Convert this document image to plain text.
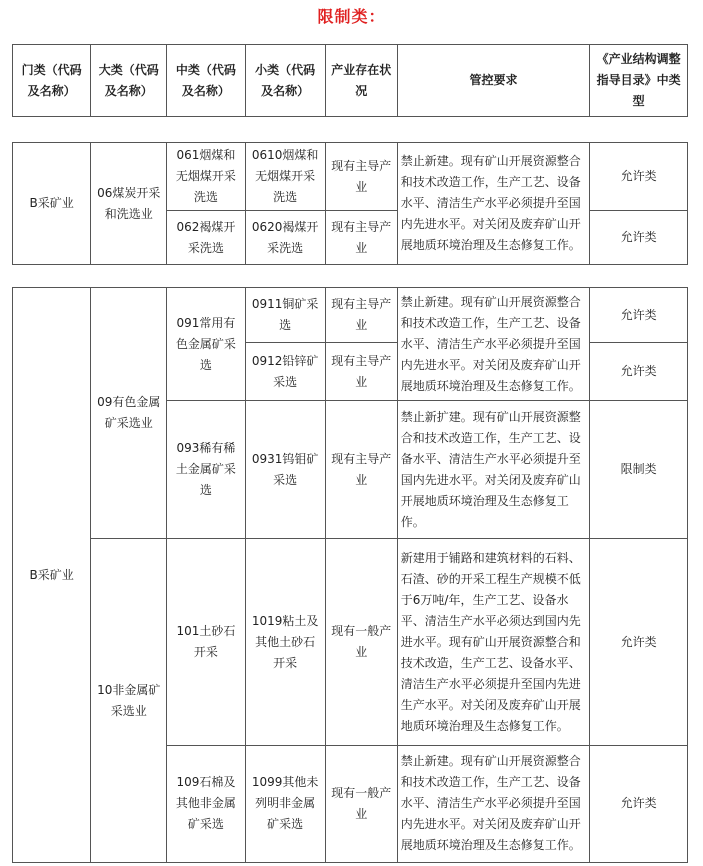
限制类：
门类（代码及名称）	大类（代码及名称）	中类（代码及名称）	小类（代码及名称）	产业存在状况	管控要求	《产业结构调整指导目录》中类型
B采矿业	06煤炭开采和洗选业	061烟煤和无烟煤开采洗选	0610烟煤和无烟煤开采洗选	现有主导产业	禁止新建。现有矿山开展资源整合和技术改造工作，生产工艺、设备水平、清洁生产水平必须提升至国内先进水平。对关闭及废弃矿山开展地质环境治理及生态修复工作。	允许类
		062褐煤开采洗选	0620褐煤开采洗选	现有主导产业		允许类
B采矿业	09有色金属矿采选业	091常用有色金属矿采选	0911铜矿采选	现有主导产业	禁止新建。现有矿山开展资源整合和技术改造工作，生产工艺、设备水平、清洁生产水平必须提升至国内先进水平。对关闭及废弃矿山开展地质环境治理及生态修复工作。	允许类
			0912铅锌矿采选	现有主导产业		允许类
		093稀有稀土金属矿采选	0931钨钼矿采选	现有主导产业	禁止新扩建。现有矿山开展资源整合和技术改造工作，生产工艺、设备水平、清洁生产水平必须提升至国内先进水平。对关闭及废弃矿山开展地质环境治理及生态修复工作。	限制类
	10非金属矿采选业	101土砂石开采	1019粘土及其他土砂石开采	现有一般产业	新建用于铺路和建筑材料的石料、石渣、砂的开采工程生产规模不低于6万吨/年，生产工艺、设备水平、清洁生产水平必须达到国内先进水平。现有矿山开展资源整合和技术改造，生产工艺、设备水平、清洁生产水平必须提升至国内先进生产水平。对关闭及废弃矿山开展地质环境治理及生态修复工作。	允许类
		109石棉及其他非金属矿采选	1099其他未列明非金属矿采选	现有一般产业	禁止新建。现有矿山开展资源整合和技术改造工作，生产工艺、设备水平、清洁生产水平必须提升至国内先进水平。对关闭及废弃矿山开展地质环境治理及生态修复工作。	允许类
